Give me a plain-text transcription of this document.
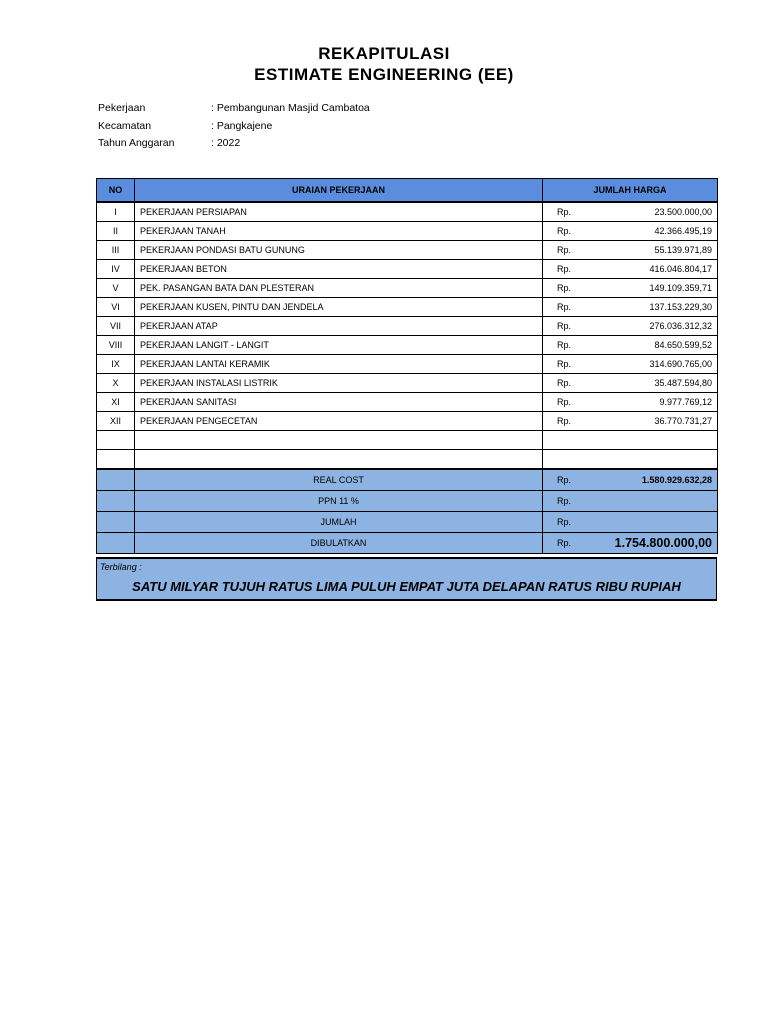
REKAPITULASI
ESTIMATE ENGINEERING (EE)
Pekerjaan	: Pembangunan Masjid Cambatoa
Kecamatan	: Pangkajene
Tahun Anggaran	: 2022
NO	URAIAN PEKERJAAN	JUMLAH HARGA	
I	PEKERJAAN PERSIAPAN	Rp.	23.500.000,00
II	PEKERJAAN TANAH	Rp.	42.366.495,19
III	PEKERJAAN PONDASI BATU GUNUNG	Rp.	55.139.971,89
IV	PEKERJAAN BETON	Rp.	416.046.804,17
V	PEK. PASANGAN BATA DAN PLESTERAN	Rp.	149.109.359,71
VI	PEKERJAAN KUSEN, PINTU DAN JENDELA	Rp.	137.153.229,30
VII	PEKERJAAN ATAP	Rp.	276.036.312,32
VIII	PEKERJAAN LANGIT - LANGIT	Rp.	84.650.599,52
IX	PEKERJAAN LANTAI KERAMIK	Rp.	314.690.765,00
X	PEKERJAAN INSTALASI LISTRIK	Rp.	35.487.594,80
XI	PEKERJAAN SANITASI	Rp.	9.977.769,12
XII	PEKERJAAN PENGECETAN	Rp.	36.770.731,27

	REAL COST	Rp.	1.580.929.632,28
	PPN 11 %	Rp.	
	JUMLAH	Rp.	
	DIBULATKAN	Rp.	1.754.800.000,00
Terbilang :
SATU MILYAR TUJUH RATUS LIMA PULUH EMPAT JUTA DELAPAN RATUS RIBU RUPIAH
